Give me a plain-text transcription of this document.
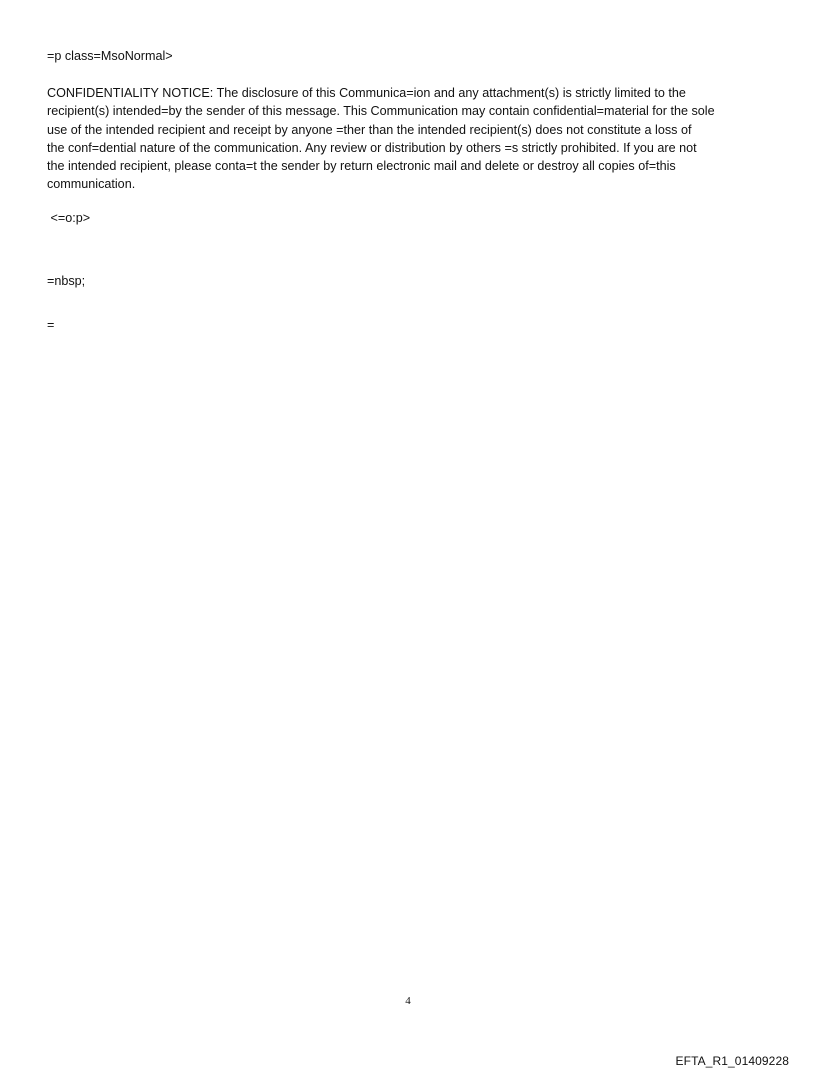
=p class=MsoNormal>
CONFIDENTIALITY NOTICE: The disclosure of this Communica=ion and any attachment(s) is strictly limited to the
recipient(s) intended=by the sender of this message. This Communication may contain confidential=material for the sole
use of the intended recipient and receipt by anyone =ther than the intended recipient(s) does not constitute a loss of
the conf=dential nature of the communication. Any review or distribution by others =s strictly prohibited. If you are not
the intended recipient, please conta=t the sender by return electronic mail and delete or destroy all copies of=this
communication.
<=o:p>
=nbsp;
=
4
EFTA_R1_01409228
